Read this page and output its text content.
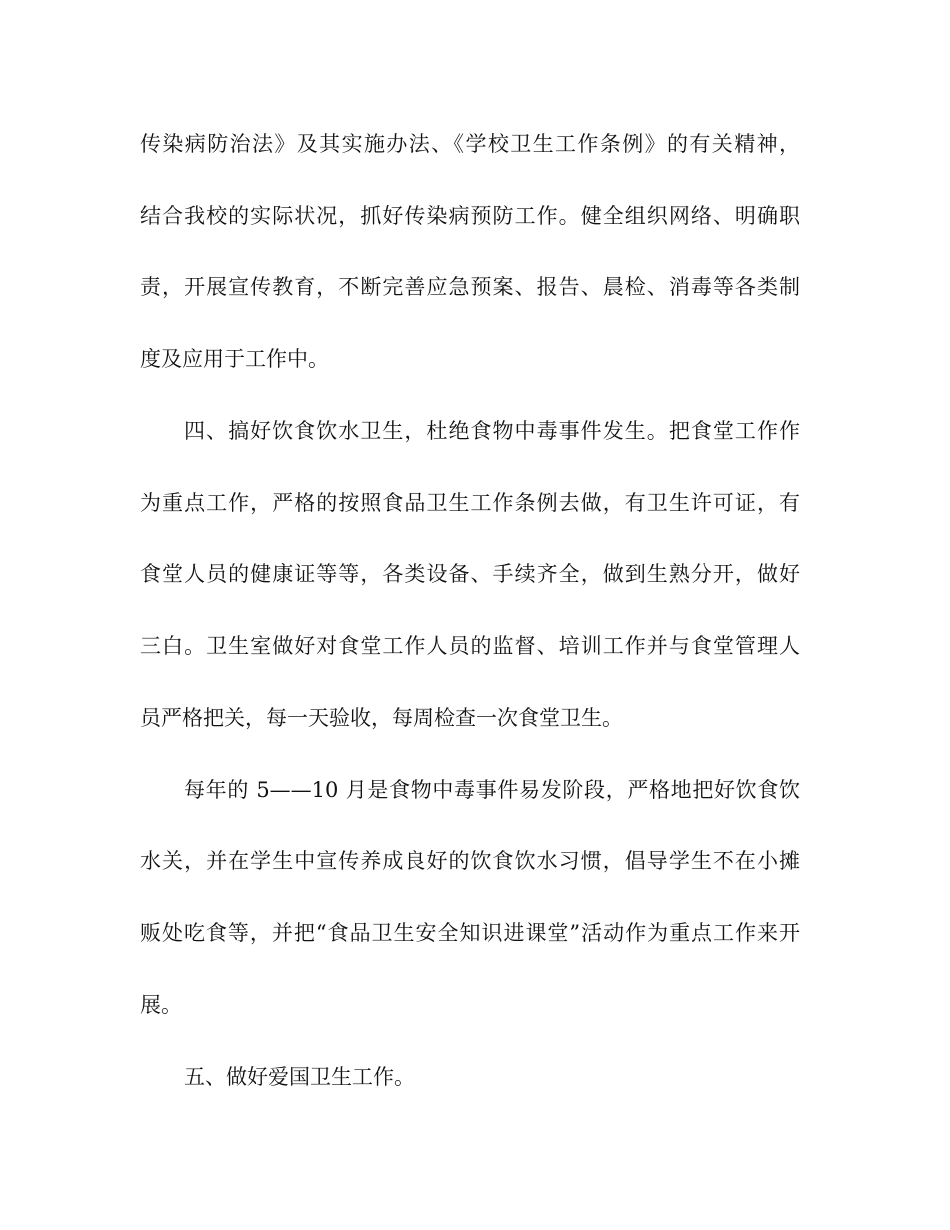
传染病防治法》及其实施办法、《学校卫生工作条例》的有关精神，
结合我校的实际状况，抓好传染病预防工作。健全组织网络、明确职
责，开展宣传教育，不断完善应急预案、报告、晨检、消毒等各类制
度及应用于工作中。
四、搞好饮食饮水卫生，杜绝食物中毒事件发生。把食堂工作作
为重点工作，严格的按照食品卫生工作条例去做，有卫生许可证，有
食堂人员的健康证等等，各类设备、手续齐全，做到生熟分开，做好
三白。卫生室做好对食堂工作人员的监督、培训工作并与食堂管理人
员严格把关，每一天验收，每周检查一次食堂卫生。
每年的 5——10 月是食物中毒事件易发阶段，严格地把好饮食饮
水关，并在学生中宣传养成良好的饮食饮水习惯，倡导学生不在小摊
贩处吃食等，并把“食品卫生安全知识进课堂”活动作为重点工作来开
展。
五、做好爱国卫生工作。
